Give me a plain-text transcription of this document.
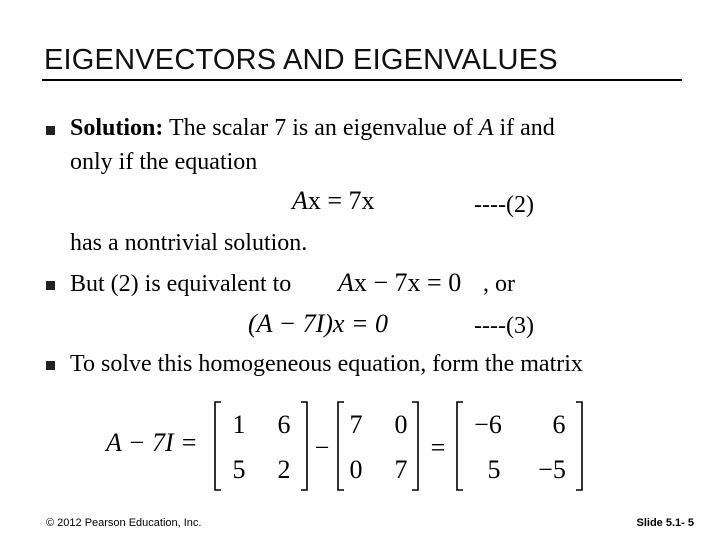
EIGENVECTORS AND EIGENVALUES
Solution: The scalar 7 is an eigenvalue of A if and
only if the equation
Ax = 7x	----(2)
has a nontrivial solution.
But (2) is equivalent to Ax − 7x = 0 , or
(A − 7I)x = 0	----(3)
To solve this homogeneous equation, form the matrix
A − 7I =
1 6
5 2
−
7 0
0 7
=
−6 6
5 −5
© 2012 Pearson Education, Inc.	Slide 5.1- 5
